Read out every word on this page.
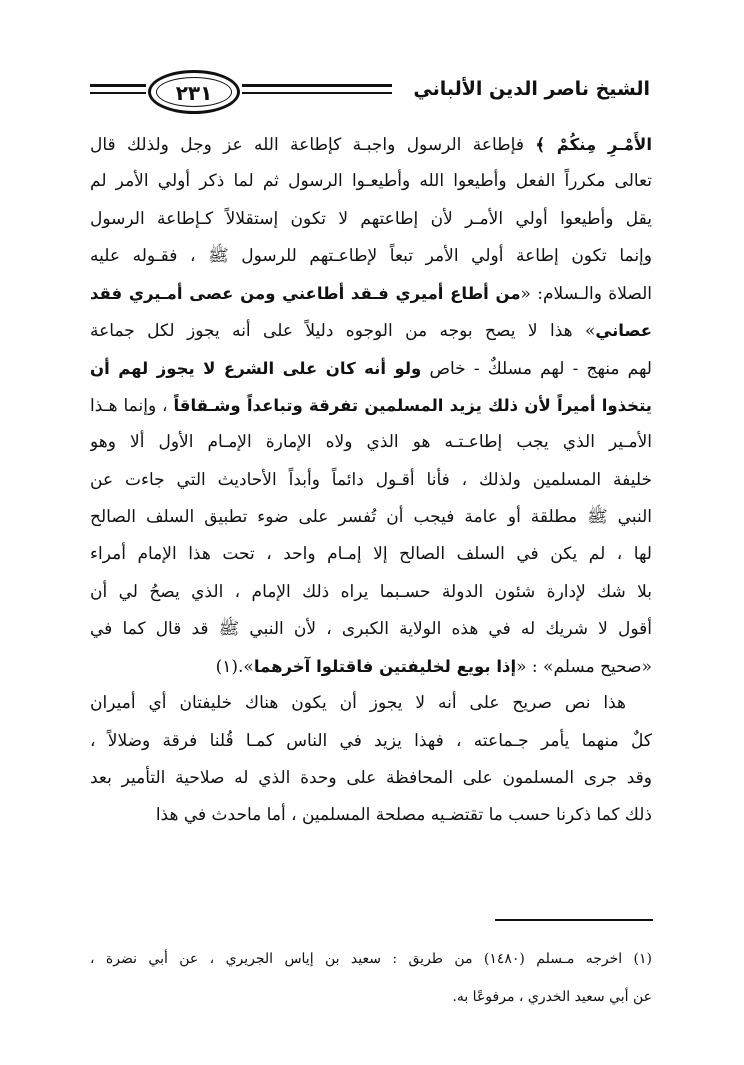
٢٣١	الشيخ ناصر الدين الألباني
الأَمْـرِ مِنكُمْ ﴾ فإطاعة الرسول واجبـة كإطاعة الله عز وجل ولذلك قال
تعالى مكرراً الفعل وأطيعوا الله وأطيعـوا الرسول ثم لما ذكر أولي الأمر لم
يقل وأطيعوا أولي الأمـر لأن إطاعتهم لا تكون إستقلالاً كـإطاعة الرسول
وإنما تكون إطاعة أولي الأمر تبعاً لإطاعـتهم للرسول ﷺ ، فقـوله عليه
الصلاة والـسلام: «من أطاع أميري فـقد أطاعني ومن عصى أمـيري فقد
عصاني» هذا لا يصح بوجه من الوجوه دليلاً على أنه يجوز لكل جماعة
لهم منهج - لهم مسلكٌ - خاص ولو أنه كان على الشرع لا يجوز لهم أن
يتخذوا أميراً لأن ذلك يزيد المسلمين تفرقة وتباعداً وشـقاقاً ، وإنما هـذا
الأمـير الذي يجب إطاعـتـه هو الذي ولاه الإمارة الإمـام الأول ألا وهو
خليفة المسلمين ولذلك ، فأنا أقـول دائماً وأبداً الأحاديث التي جاءت عن
النبي ﷺ مطلقة أو عامة فيجب أن تُفسر على ضوء تطبيق السلف الصالح
لها ، لم يكن في السلف الصالح إلا إمـام واحد ، تحت هذا الإمام أمراء
بلا شك لإدارة شئون الدولة حسـبما يراه ذلك الإمام ، الذي يصحُ لي أن
أقول لا شريك له في هذه الولاية الكبرى ، لأن النبي ﷺ قد قال كما في
«صحيح مسلم» : «إذا بويع لخليفتين فاقتلوا آخرهما».(١)
هذا نص صريح على أنه لا يجوز أن يكون هناك خليفتان أي أميران
كلٌ منهما يأمر جـماعته ، فهذا يزيد في الناس كمـا قُلنا فرقة وضلالاً ،
وقد جرى المسلمون على المحافظة على وحدة الذي له صلاحية التأمير بعد
ذلك كما ذكرنا حسب ما تقتضـيه مصلحة المسلمين ، أما ماحدث في هذا
(١) اخرجه مـسلم (١٤٨٠) من طريق : سعيد بن إياس الجريري ، عن أبي نضرة ،
عن أبي سعيد الخدري ، مرفوعًا به.
